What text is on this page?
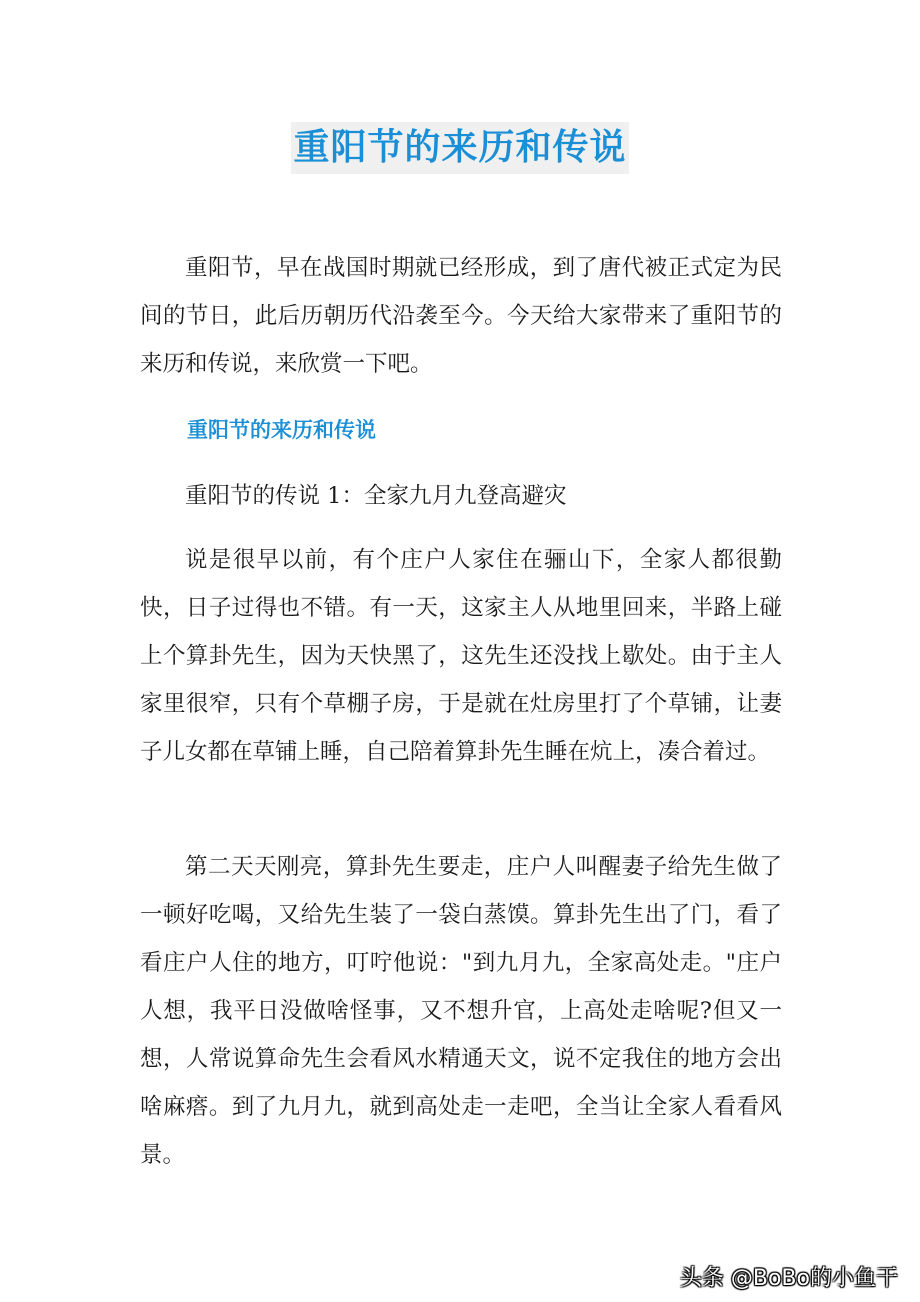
重阳节的来历和传说

重阳节，早在战国时期就已经形成，到了唐代被正式定为民间的节日，此后历朝历代沿袭至今。今天给大家带来了重阳节的来历和传说，来欣赏一下吧。

重阳节的来历和传说

重阳节的传说 1：全家九月九登高避灾

说是很早以前，有个庄户人家住在骊山下，全家人都很勤快，日子过得也不错。有一天，这家主人从地里回来，半路上碰上个算卦先生，因为天快黑了，这先生还没找上歇处。由于主人家里很窄，只有个草棚子房，于是就在灶房里打了个草铺，让妻子儿女都在草铺上睡，自己陪着算卦先生睡在炕上，凑合着过。

第二天天刚亮，算卦先生要走，庄户人叫醒妻子给先生做了一顿好吃喝，又给先生装了一袋白蒸馍。算卦先生出了门，看了看庄户人住的地方，叮咛他说："到九月九，全家高处走。"庄户人想，我平日没做啥怪事，又不想升官，上高处走啥呢?但又一想，人常说算命先生会看风水精通天文，说不定我住的地方会出啥麻瘩。到了九月九，就到高处走一走吧，全当让全家人看看风景。

头条 @BoBo的小鱼干
